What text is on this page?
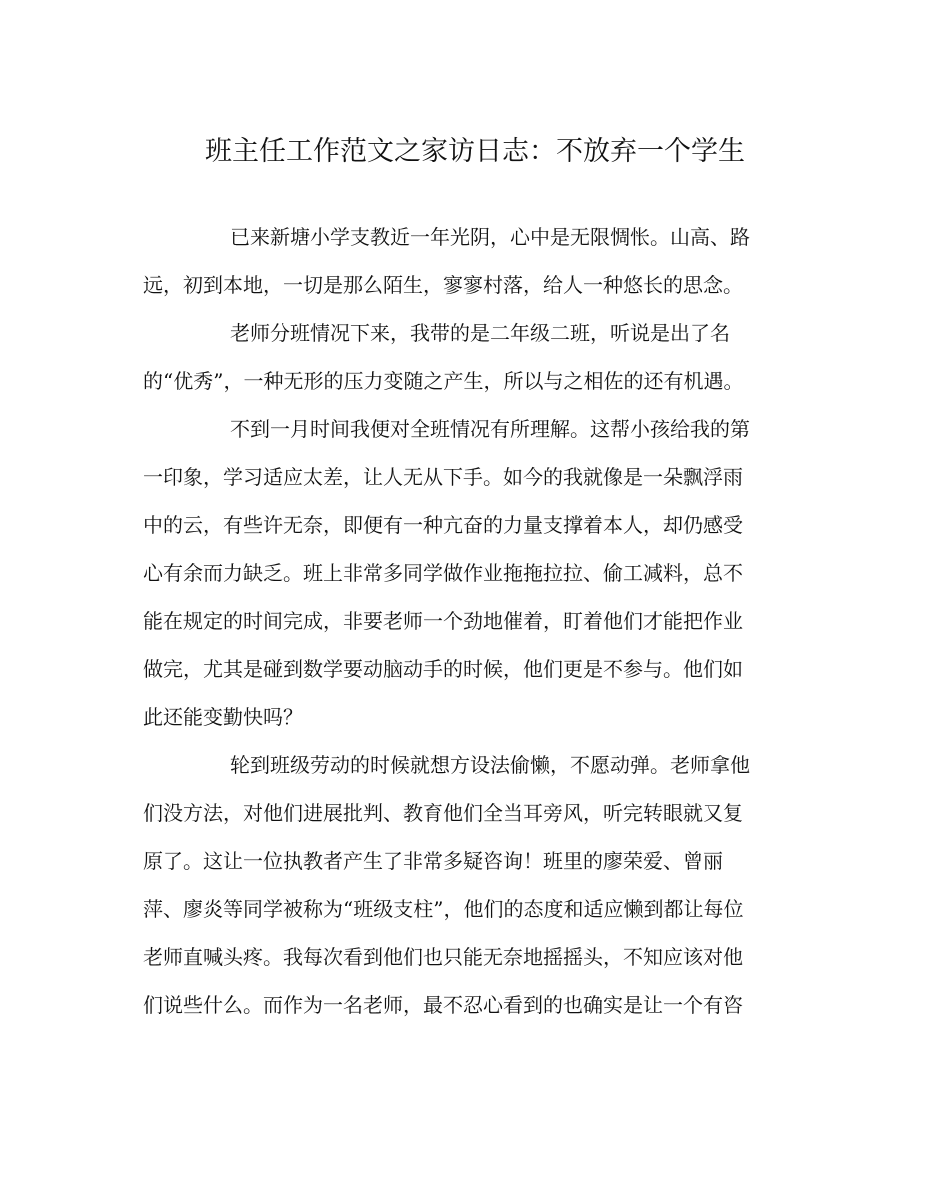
班主任工作范文之家访日志：不放弃一个学生
已来新塘小学支教近一年光阴，心中是无限惆怅。山高、路
远，初到本地，一切是那么陌生，寥寥村落，给人一种悠长的思念。
老师分班情况下来，我带的是二年级二班，听说是出了名
的“优秀”，一种无形的压力变随之产生，所以与之相佐的还有机遇。
不到一月时间我便对全班情况有所理解。这帮小孩给我的第
一印象，学习适应太差，让人无从下手。如今的我就像是一朵飘浮雨
中的云，有些许无奈，即便有一种亢奋的力量支撑着本人，却仍感受
心有余而力缺乏。班上非常多同学做作业拖拖拉拉、偷工减料，总不
能在规定的时间完成，非要老师一个劲地催着，盯着他们才能把作业
做完，尤其是碰到数学要动脑动手的时候，他们更是不参与。他们如
此还能变勤快吗？
轮到班级劳动的时候就想方设法偷懒，不愿动弹。老师拿他
们没方法，对他们进展批判、教育他们全当耳旁风，听完转眼就又复
原了。这让一位执教者产生了非常多疑咨询！班里的廖荣爱、曾丽
萍、廖炎等同学被称为“班级支柱”，他们的态度和适应懒到都让每位
老师直喊头疼。我每次看到他们也只能无奈地摇摇头，不知应该对他
们说些什么。而作为一名老师，最不忍心看到的也确实是让一个有咨
